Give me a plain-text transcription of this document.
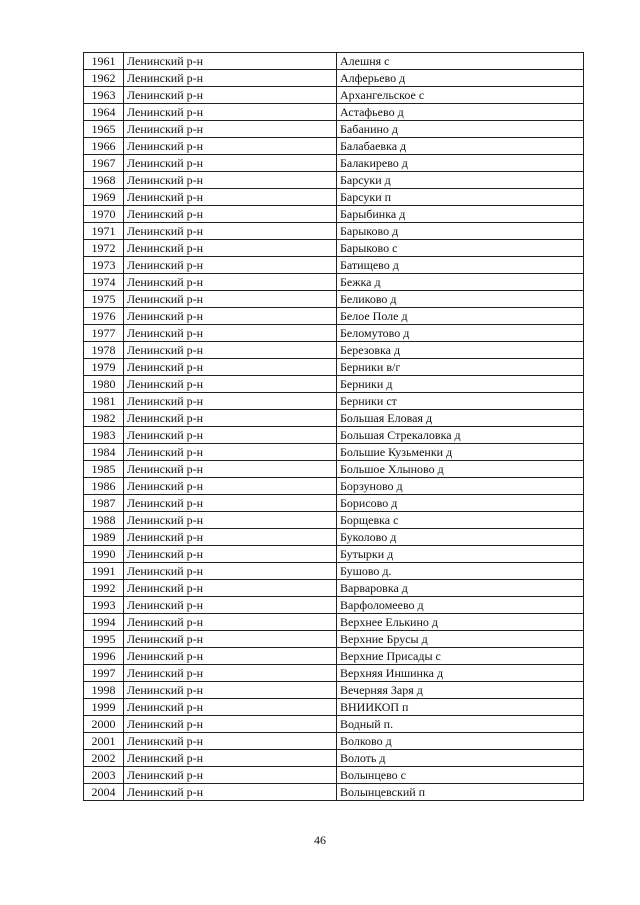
1961	Ленинский р-н	Алешня с
1962	Ленинский р-н	Алферьево д
1963	Ленинский р-н	Архангельское с
1964	Ленинский р-н	Астафьево д
1965	Ленинский р-н	Бабанино д
1966	Ленинский р-н	Балабаевка д
1967	Ленинский р-н	Балакирево д
1968	Ленинский р-н	Барсуки д
1969	Ленинский р-н	Барсуки п
1970	Ленинский р-н	Барыбинка д
1971	Ленинский р-н	Барыково д
1972	Ленинский р-н	Барыково с
1973	Ленинский р-н	Батищево д
1974	Ленинский р-н	Бежка д
1975	Ленинский р-н	Беликово д
1976	Ленинский р-н	Белое Поле д
1977	Ленинский р-н	Беломутово д
1978	Ленинский р-н	Березовка д
1979	Ленинский р-н	Берники в/г
1980	Ленинский р-н	Берники д
1981	Ленинский р-н	Берники ст
1982	Ленинский р-н	Большая Еловая д
1983	Ленинский р-н	Большая Стрекаловка д
1984	Ленинский р-н	Большие Кузьменки д
1985	Ленинский р-н	Большое Хлыново д
1986	Ленинский р-н	Борзуново д
1987	Ленинский р-н	Борисово д
1988	Ленинский р-н	Борщевка с
1989	Ленинский р-н	Буколово д
1990	Ленинский р-н	Бутырки д
1991	Ленинский р-н	Бушово д.
1992	Ленинский р-н	Варваровка д
1993	Ленинский р-н	Варфоломеево д
1994	Ленинский р-н	Верхнее Елькино д
1995	Ленинский р-н	Верхние Брусы д
1996	Ленинский р-н	Верхние Присады с
1997	Ленинский р-н	Верхняя Иншинка д
1998	Ленинский р-н	Вечерняя Заря д
1999	Ленинский р-н	ВНИИКОП п
2000	Ленинский р-н	Водный п.
2001	Ленинский р-н	Волково д
2002	Ленинский р-н	Волоть д
2003	Ленинский р-н	Волынцево с
2004	Ленинский р-н	Волынцевский п
46
